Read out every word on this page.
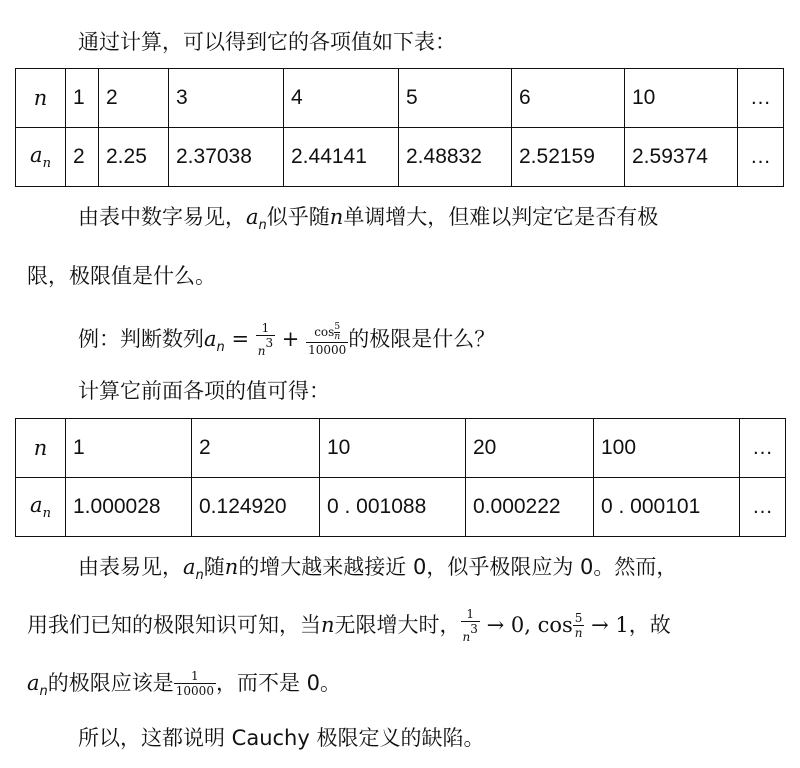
通过计算，可以得到它的各项值如下表：
n	1	2	3	4	5	6	10	…
$a_n$	2	2.25	2.37038	2.44141	2.48832	2.52159	2.59374	…
由表中数字易见，$a_n$似乎随n单调增大，但难以判定它是否有极
限，极限值是什么。
例：判断数列$a_n = \frac{1}{n^3} + \frac{\cos \frac{5}{n}}{10000}$ 的极限是什么？
计算它前面各项的值可得：
n	1	2	10	20	100	…
$a_n$	1.000028	0.124920	0 . 001088	0.000222	0 . 000101	…
由表易见，$a_n$随n的增大越来越接近 0，似乎极限应为 0。然而，
用我们已知的极限知识可知，当n无限增大时， $\frac{1}{n^3} \to 0$, $\cos \frac{5}{n} \to 1$，故
$a_n$的极限应该是 $\frac{1}{10000}$ ，而不是 0。
所以，这都说明 Cauchy 极限定义的缺陷。
